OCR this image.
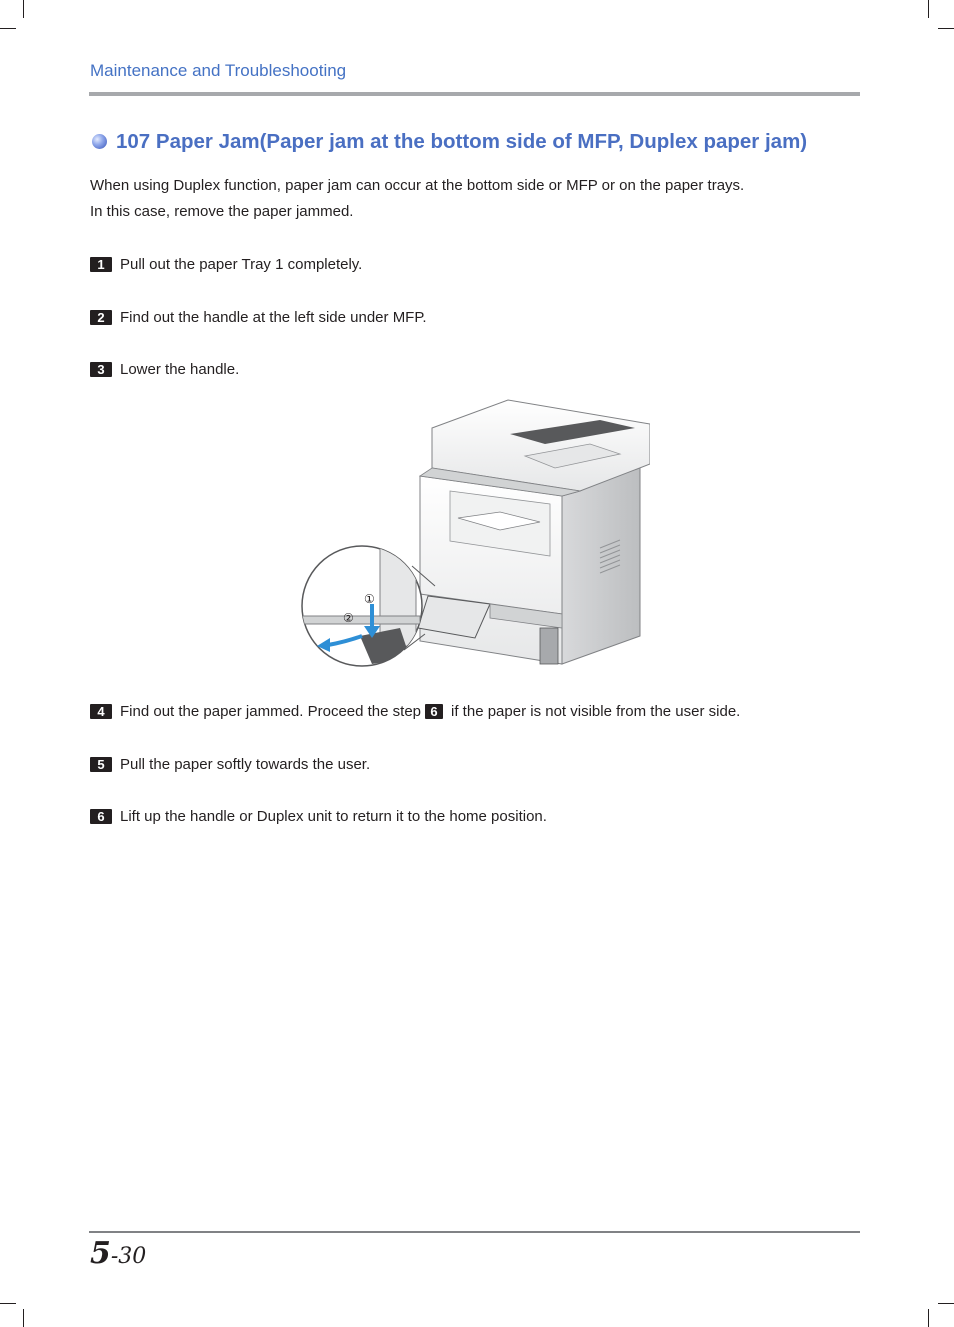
Maintenance and Troubleshooting
107 Paper Jam(Paper jam at the bottom side of MFP, Duplex paper jam)
When using Duplex function, paper jam can occur at the bottom side or MFP or on the paper trays.
In this case, remove the paper jammed.
1 Pull out the paper Tray 1 completely.
2 Find out the handle at the left side under MFP.
3 Lower the handle.
①
②
4 Find out the paper jammed. Proceed the step 6 if the paper is not visible from the user side.
5 Pull the paper softly towards the user.
6 Lift up the handle or Duplex unit to return it to the home position.
5-30
